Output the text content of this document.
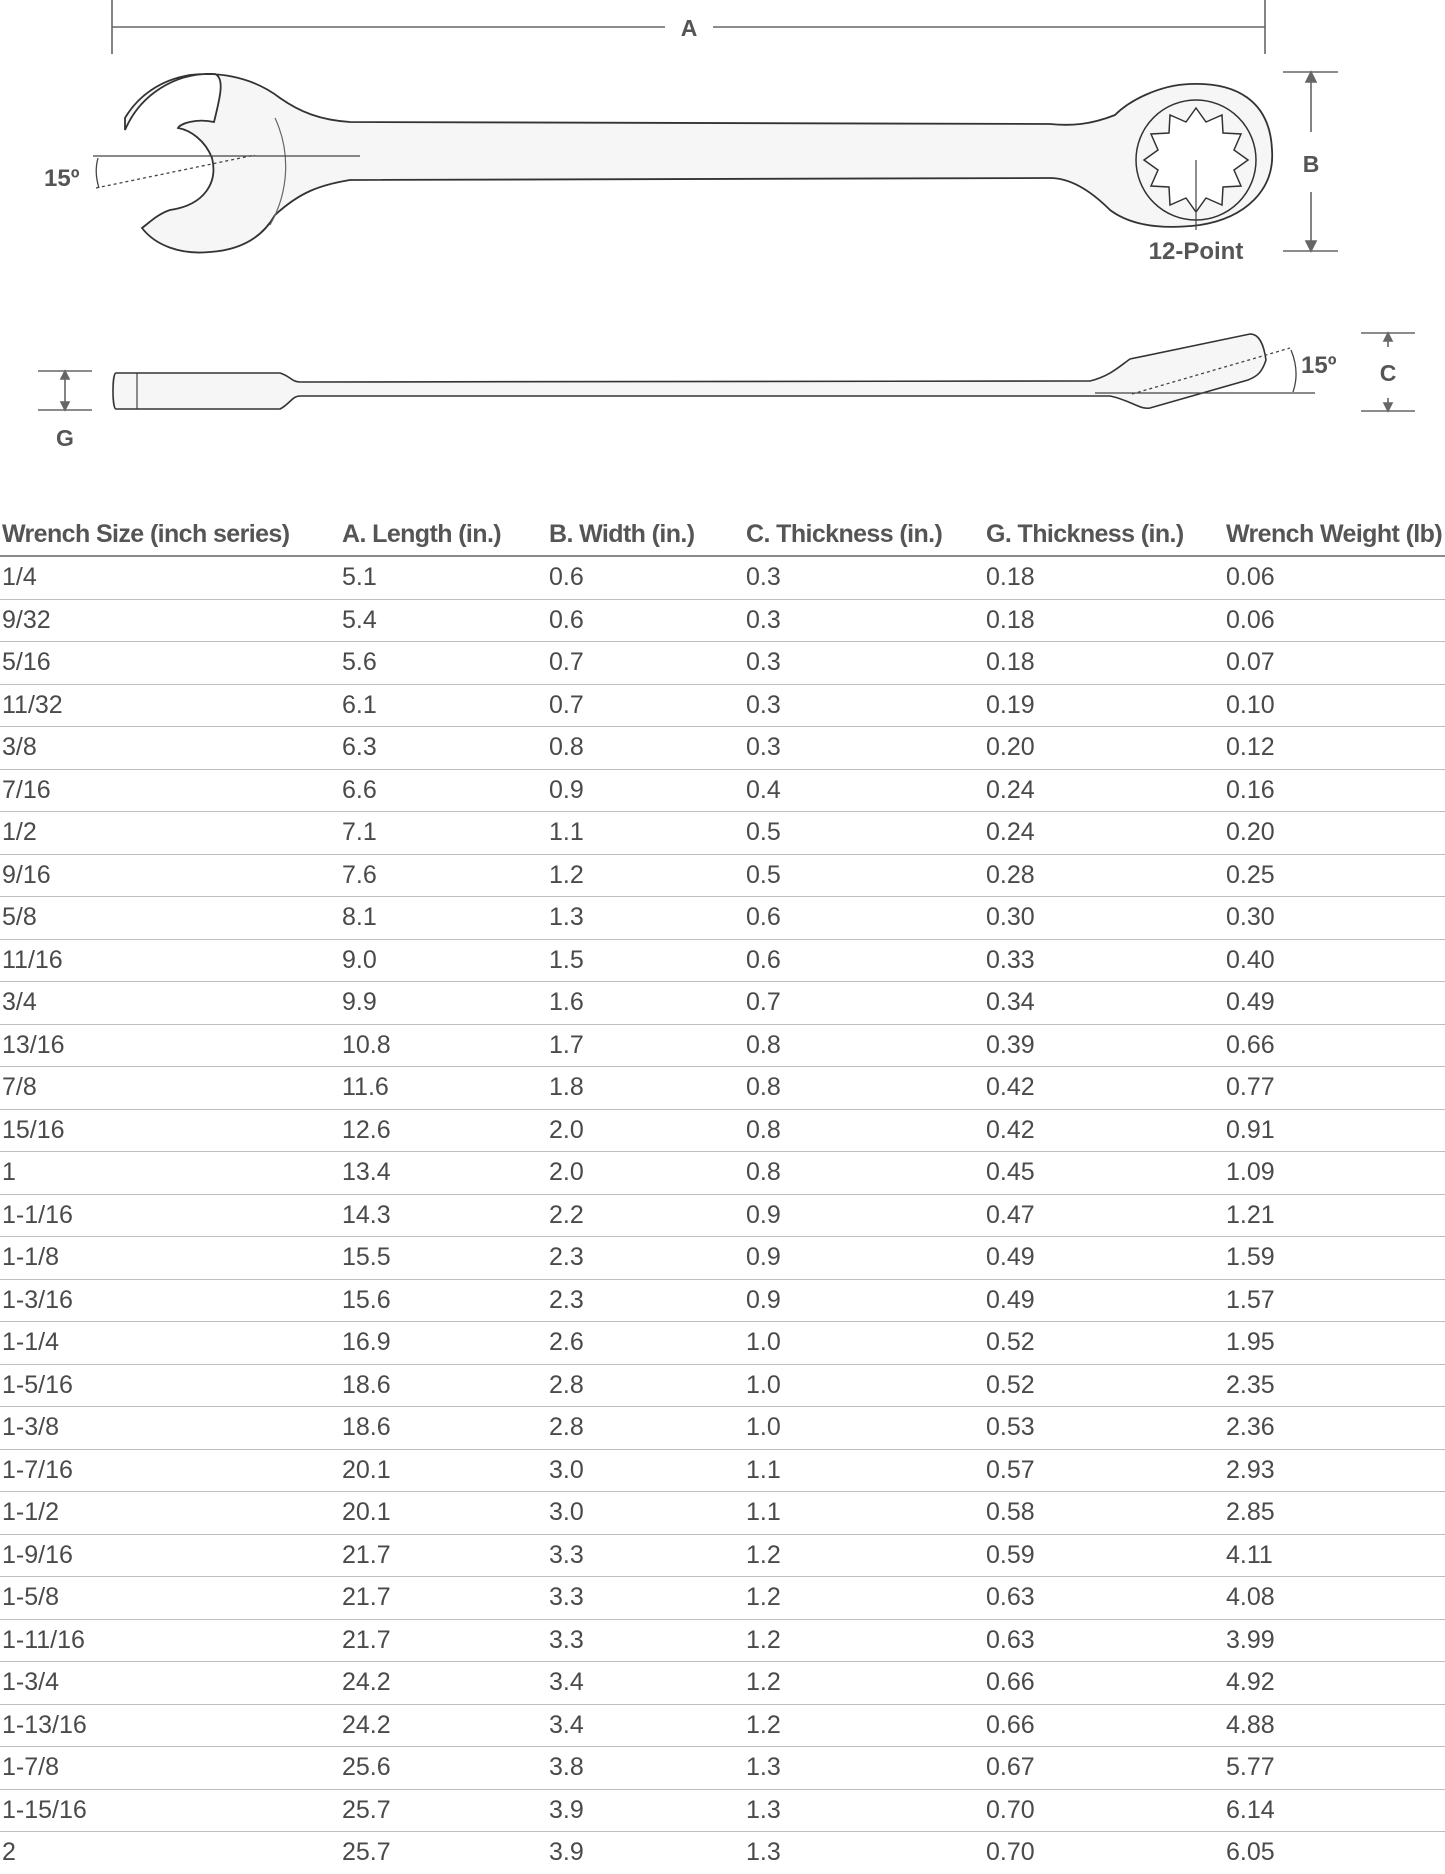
A
15º
B
12-Point
15º C
G
Wrench Size (inch series)	A. Length (in.)	B. Width (in.)	C. Thickness (in.)	G. Thickness (in.)	Wrench Weight (lb)
1/4	5.1	0.6	0.3	0.18	0.06
9/32	5.4	0.6	0.3	0.18	0.06
5/16	5.6	0.7	0.3	0.18	0.07
11/32	6.1	0.7	0.3	0.19	0.10
3/8	6.3	0.8	0.3	0.20	0.12
7/16	6.6	0.9	0.4	0.24	0.16
1/2	7.1	1.1	0.5	0.24	0.20
9/16	7.6	1.2	0.5	0.28	0.25
5/8	8.1	1.3	0.6	0.30	0.30
11/16	9.0	1.5	0.6	0.33	0.40
3/4	9.9	1.6	0.7	0.34	0.49
13/16	10.8	1.7	0.8	0.39	0.66
7/8	11.6	1.8	0.8	0.42	0.77
15/16	12.6	2.0	0.8	0.42	0.91
1	13.4	2.0	0.8	0.45	1.09
1-1/16	14.3	2.2	0.9	0.47	1.21
1-1/8	15.5	2.3	0.9	0.49	1.59
1-3/16	15.6	2.3	0.9	0.49	1.57
1-1/4	16.9	2.6	1.0	0.52	1.95
1-5/16	18.6	2.8	1.0	0.52	2.35
1-3/8	18.6	2.8	1.0	0.53	2.36
1-7/16	20.1	3.0	1.1	0.57	2.93
1-1/2	20.1	3.0	1.1	0.58	2.85
1-9/16	21.7	3.3	1.2	0.59	4.11
1-5/8	21.7	3.3	1.2	0.63	4.08
1-11/16	21.7	3.3	1.2	0.63	3.99
1-3/4	24.2	3.4	1.2	0.66	4.92
1-13/16	24.2	3.4	1.2	0.66	4.88
1-7/8	25.6	3.8	1.3	0.67	5.77
1-15/16	25.7	3.9	1.3	0.70	6.14
2	25.7	3.9	1.3	0.70	6.05
